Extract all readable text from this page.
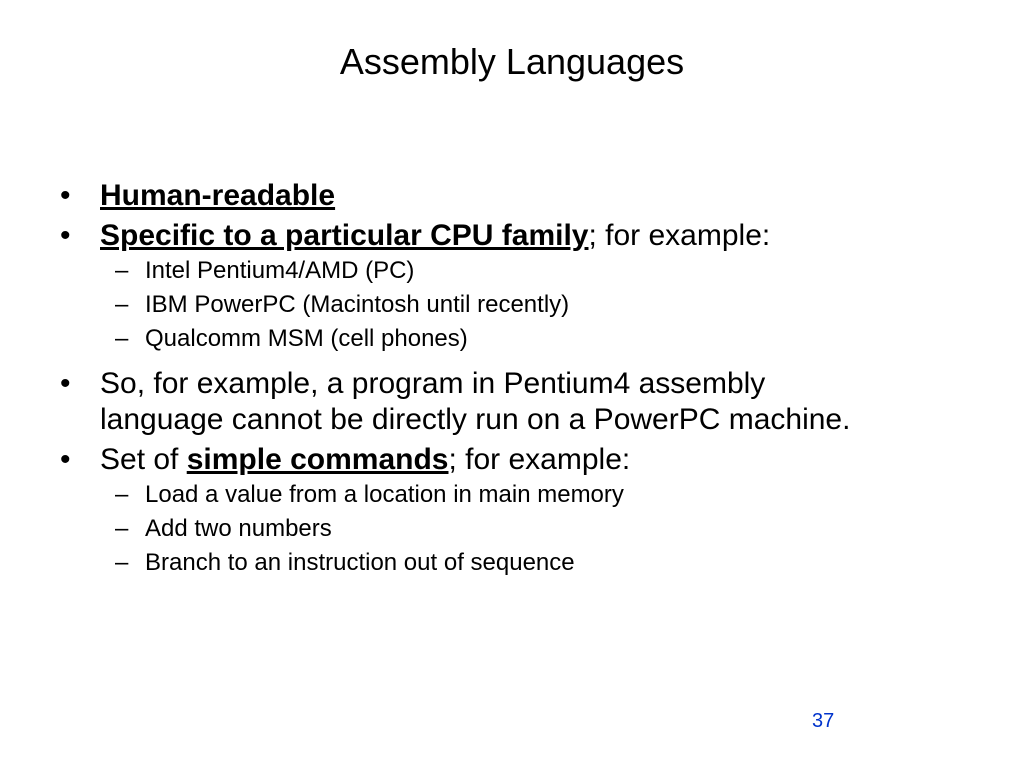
Assembly Languages

• Human-readable

• Specific to a particular CPU family; for example:

– Intel Pentium4/AMD (PC)

– IBM PowerPC (Macintosh until recently)

– Qualcomm MSM (cell phones)

• So, for example, a program in Pentium4 assembly
language cannot be directly run on a PowerPC machine.

• Set of simple commands; for example:

– Load a value from a location in main memory

– Add two numbers

– Branch to an instruction out of sequence

37
